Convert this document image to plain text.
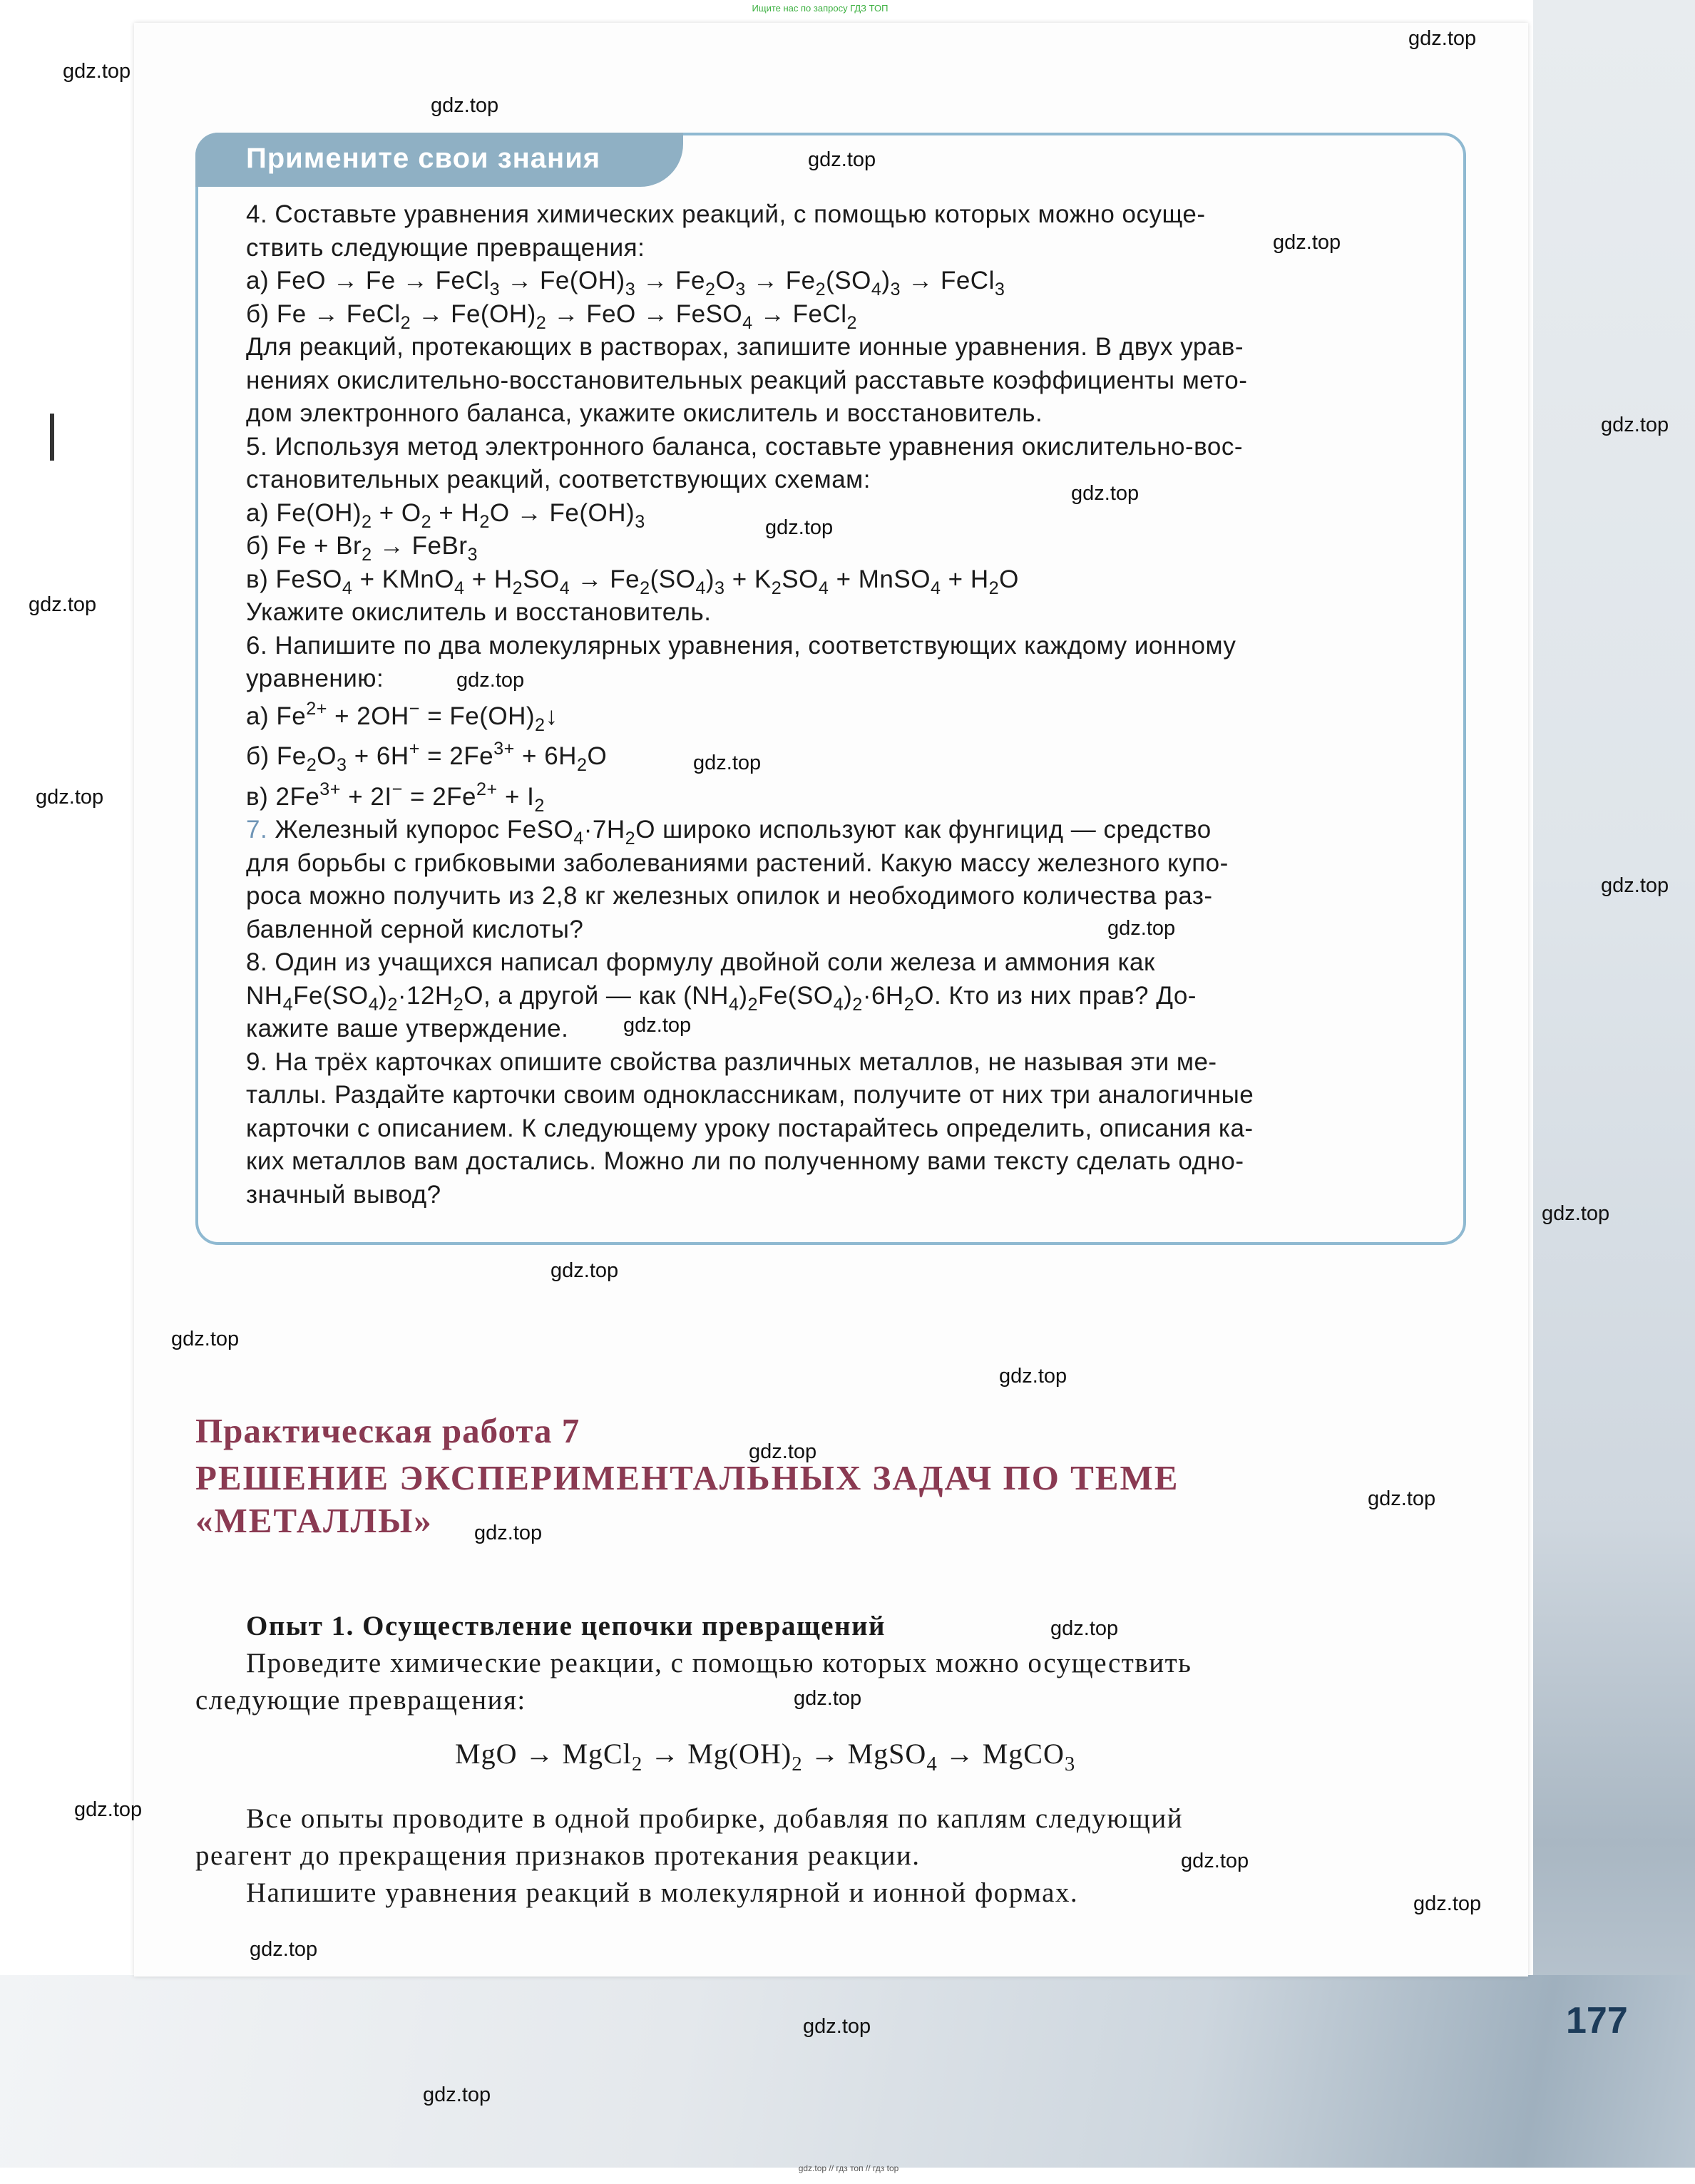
Ищите нас по запросу ГДЗ ТОП
Примените свои знания
4. Составьте уравнения химических реакций, с помощью которых можно осуще-
ствить следующие превращения:
а) FeO → Fe → FeCl$_3$ → $Fe(OH)_3 \to Fe_2O_3 \to Fe_2(SO_4)_3$ → FeCl$_3$
б) Fe → FeCl$_2$ → $Fe(OH)_2$ → FeO → FeSO$_4$ → FeCl$_2$
Для реакций, протекающих в растворах, запишите ионные уравнения. В двух урав-
нениях окислительно-восстановительных реакций расставьте коэффициенты мето-
дом электронного баланса, укажите окислитель и восстановитель.
5. Используя метод электронного баланса, составьте уравнения окислительно-вос-
становительных реакций, соответствующих схемам:
а) $Fe(OH)_2 + O_2 + H_2O \to Fe(OH)_3$
б) $Fe + Br_2$ → FeBr$_3$
в) FeSO$_4$ + KMnO$_4$ + $H_2SO_4 \to Fe_2(SO_4)_3 + K_2SO_4$ + MnSO$_4$ + $H_2O$
Укажите окислитель и восстановитель.
6. Напишите по два молекулярных уравнения, соответствующих каждому ионному
уравнению:
а) $Fe^{2+} + 2OH^-$ = $Fe(OH)_2↓$
б) $Fe_2O_3 + 6H^+ = 2Fe^{3+} + 6H_2O$
в) $2Fe^{3+} + 2I^- = 2Fe^{2+} + I_2$
7. Железный купорос $FeSO_4\cdot 7H_2O$ широко используют как фунгицид — средство
для борьбы с грибковыми заболеваниями растений. Какую массу железного купо-
роса можно получить из 2,8 кг железных опилок и необходимого количества раз-
бавленной серной кислоты?
8. Один из учащихся написал формулу двойной соли железа и аммония как
$NH_4Fe(SO_4)_2\cdot 12H_2O$, а другой — как $(NH_4)_2Fe(SO_4)_2\cdot 6H_2O$. Кто из них прав? До-
кажите ваше утверждение.
9. На трёх карточках опишите свойства различных металлов, не называя эти ме-
таллы. Раздайте карточки своим одноклассникам, получите от них три аналогичные
карточки с описанием. К следующему уроку постарайтесь определить, описания ка-
ких металлов вам достались. Можно ли по полученному вами тексту сделать одно-
значный вывод?
Практическая работа 7
РЕШЕНИЕ ЭКСПЕРИМЕНТАЛЬНЫХ ЗАДАЧ ПО ТЕМЕ
«МЕТАЛЛЫ»
Опыт 1. Осуществление цепочки превращений
Проведите химические реакции, с помощью которых можно осуществить
следующие превращения:
MgO → MgCl$_2$ → $Mg(OH)_2$ → MgSO$_4$ → MgCO$_3$
Все опыты проводите в одной пробирке, добавляя по каплям следующий
реагент до прекращения признаков протекания реакции.
Напишите уравнения реакций в молекулярной и ионной формах.
177
gdz.top // гдз топ // гдз top
gdz.top
gdz.top
gdz.top
gdz.top
gdz.top
gdz.top
gdz.top
gdz.top
gdz.top
gdz.top
gdz.top
gdz.top
gdz.top
gdz.top
gdz.top
gdz.top
gdz.top
gdz.top
gdz.top
gdz.top
gdz.top
gdz.top
gdz.top
gdz.top
gdz.top
gdz.top
gdz.top
gdz.top
gdz.top
gdz.top
